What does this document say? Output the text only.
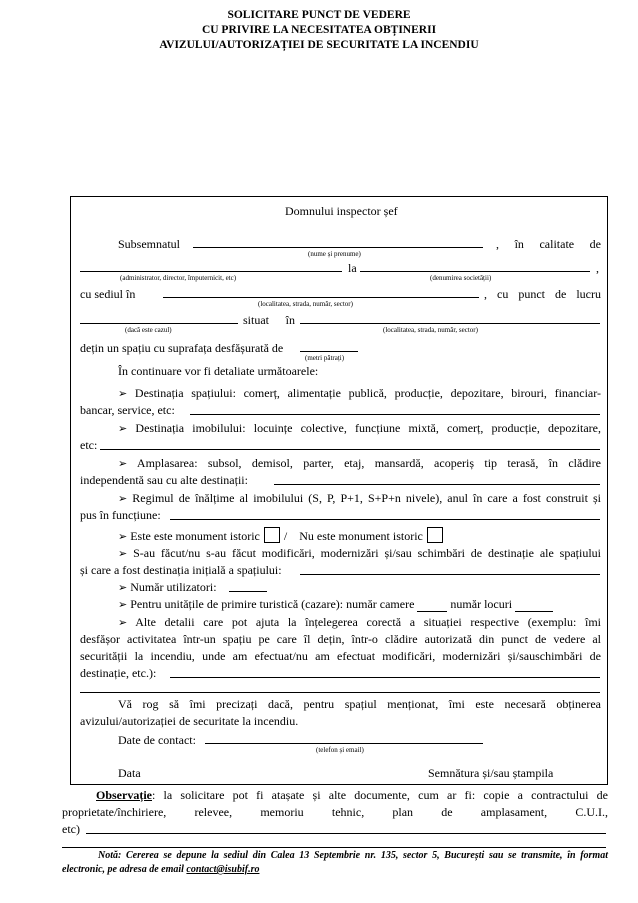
SOLICITARE PUNCT DE VEDERE
CU PRIVIRE LA NECESITATEA OBȚINERII
AVIZULUI/AUTORIZAȚIEI DE SECURITATE LA INCENDIU
Domnului inspector șef
Subsemnatul
(nume și prenume)
, în calitate de
(administrator, director, împuternicit, etc)
la
(denumirea societății)
,
cu sediul în
(localitatea, strada, număr, sector)
, cu punct de lucru
(dacă este cazul)
situat în
(localitatea, strada, număr, sector)
dețin un spațiu cu suprafața desfășurată de
(metri pătrați)
În continuare vor fi detaliate următoarele:
➢ Destinația spațiului: comerț, alimentație publică, producție, depozitare, birouri, financiar-
bancar, service, etc:
➢ Destinația imobilului: locuințe colective, funcțiune mixtă, comerț, producție, depozitare,
etc:
➢ Amplasarea: subsol, demisol, parter, etaj, mansardă, acoperiș tip terasă, în clădire
independentă sau cu alte destinații:
➢ Regimul de înălțime al imobilului (S, P, P+1, S+P+n nivele), anul în care a fost construit și
pus în funcțiune:
➢ Este este monument istoric / Nu este monument istoric
➢ S-au făcut/nu s-au făcut modificări, modernizări și/sau schimbări de destinație ale spațiului
și care a fost destinația inițială a spațiului:
➢ Număr utilizatori:
➢ Pentru unitățile de primire turistică (cazare): număr camere	număr locuri
➢ Alte detalii care pot ajuta la înțelegerea corectă a situației respective (exemplu: îmi
desfășor activitatea într-un spațiu pe care îl dețin, într-o clădire autorizată din punct de vedere al
securității la incendiu, unde am efectuat/nu am efectuat modificări, modernizări și/sauschimbări de
destinație, etc.):
Vă rog să îmi precizați dacă, pentru spațiul menționat, îmi este necesară obținerea
avizului/autorizației de securitate la incendiu.
Date de contact:
(telefon și email)
Data	Semnătura și/sau ștampila
Observație: la solicitare pot fi atașate și alte documente, cum ar fi: copie a contractului de
proprietate/închiriere, relevee, memoriu tehnic, plan de amplasament, C.U.I.,
etc)
Notă: Cererea se depune la sediul din Calea 13 Septembrie nr. 135, sector 5, București sau se transmite, în format electronic, pe adresa de email contact@isubif.ro
